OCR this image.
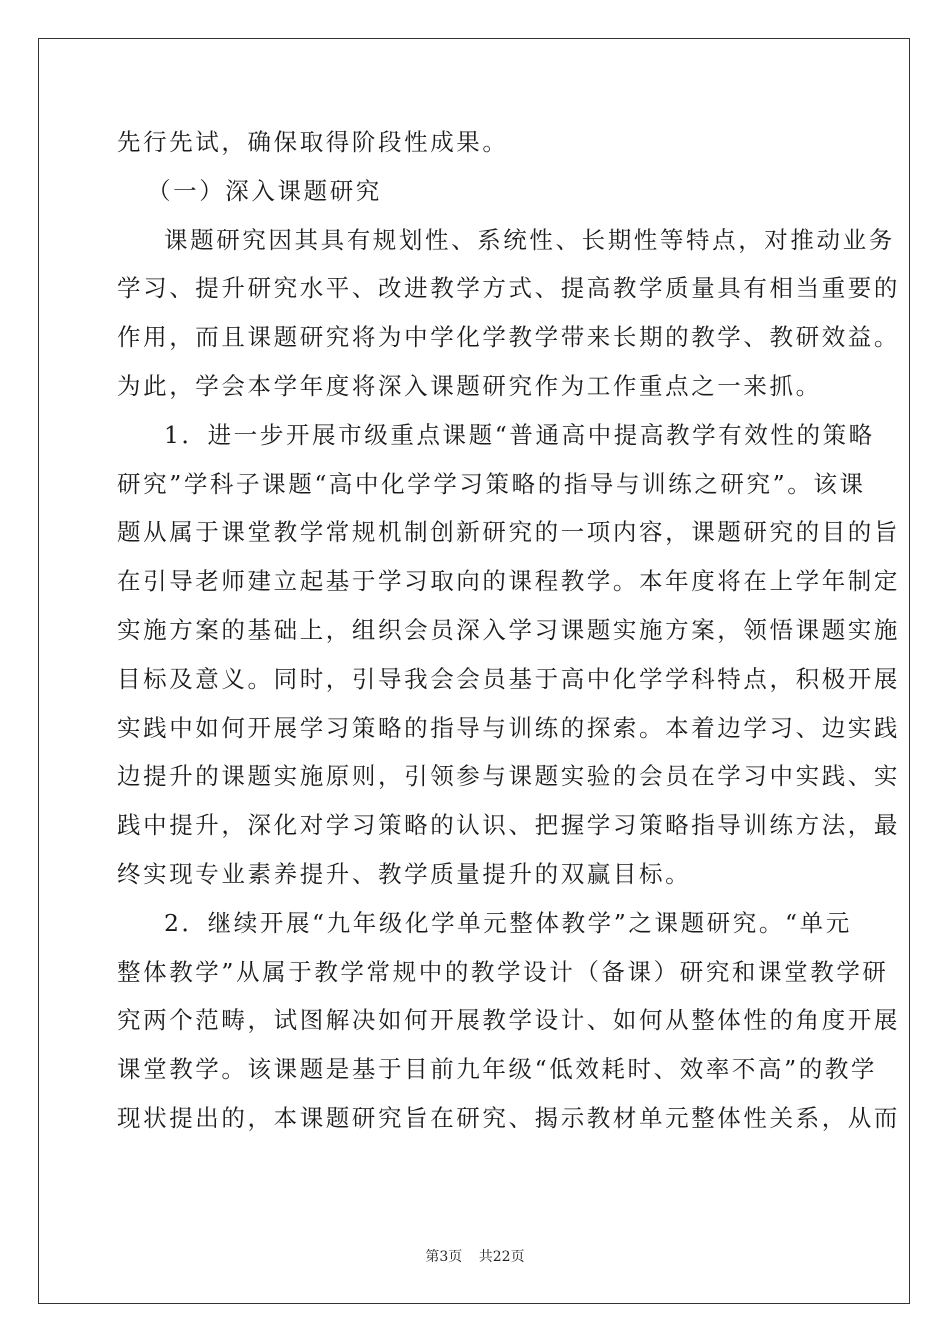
先行先试，确保取得阶段性成果。
（一）深入课题研究
课题研究因其具有规划性、系统性、长期性等特点，对推动业务
学习、提升研究水平、改进教学方式、提高教学质量具有相当重要的
作用，而且课题研究将为中学化学教学带来长期的教学、教研效益。
为此，学会本学年度将深入课题研究作为工作重点之一来抓。
1．进一步开展市级重点课题“普通高中提高教学有效性的策略
研究”学科子课题“高中化学学习策略的指导与训练之研究”。该课
题从属于课堂教学常规机制创新研究的一项内容，课题研究的目的旨
在引导老师建立起基于学习取向的课程教学。本年度将在上学年制定
实施方案的基础上，组织会员深入学习课题实施方案，领悟课题实施
目标及意义。同时，引导我会会员基于高中化学学科特点，积极开展
实践中如何开展学习策略的指导与训练的探索。本着边学习、边实践
边提升的课题实施原则，引领参与课题实验的会员在学习中实践、实
践中提升，深化对学习策略的认识、把握学习策略指导训练方法，最
终实现专业素养提升、教学质量提升的双赢目标。
2．继续开展“九年级化学单元整体教学”之课题研究。“单元
整体教学”从属于教学常规中的教学设计（备课）研究和课堂教学研
究两个范畴，试图解决如何开展教学设计、如何从整体性的角度开展
课堂教学。该课题是基于目前九年级“低效耗时、效率不高”的教学
现状提出的，本课题研究旨在研究、揭示教材单元整体性关系，从而
第3页 共22页
